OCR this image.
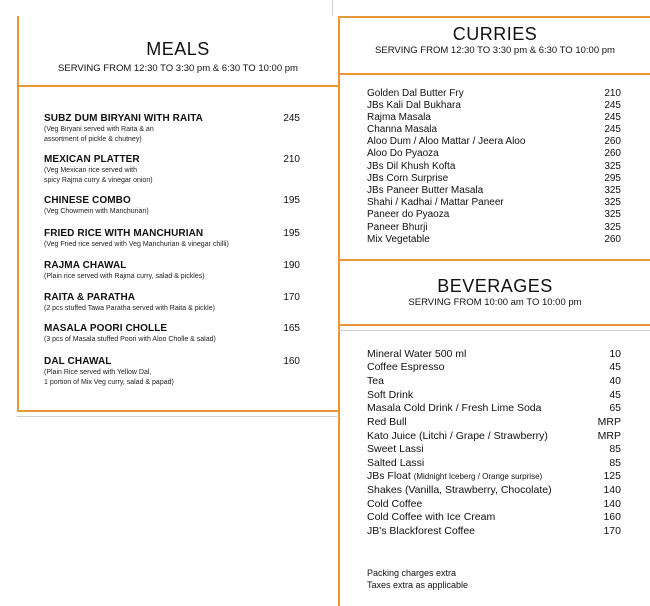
MEALS
SERVING FROM 12:30 TO 3:30 pm & 6:30 TO 10:00 pm
SUBZ DUM BIRYANI WITH RAITA
(Veg Biryani served with Raita & an
assortment of pickle & chutney)
245
MEXICAN PLATTER
(Veg Mexican rice served with
spicy Rajma curry & vinegar onion)
210
CHINESE COMBO
(Veg Chowmein with Manchurian)
195
FRIED RICE WITH MANCHURIAN
(Veg Fried rice served with Veg Manchurian & vinegar chilli)
195
RAJMA CHAWAL
(Plain rice served with Rajma curry, salad & pickles)
190
RAITA & PARATHA
(2 pcs stuffed Tawa Paratha served with Raita & pickle)
170
MASALA POORI CHOLLE
(3 pcs of Masala stuffed Poori with Aloo Cholle & salad)
165
DAL CHAWAL
(Plain Rice served with Yellow Dal,
1 portion of Mix Veg curry, salad & papad)
160
CURRIES
SERVING FROM 12:30 TO 3:30 pm & 6:30 TO 10:00 pm
Golden Dal Butter Fry	210
JBs Kali Dal Bukhara	245
Rajma Masala	245
Channa Masala	245
Aloo Dum / Aloo Mattar / Jeera Aloo	260
Aloo Do Pyaoza	260
JBs Dil Khush Kofta	325
JBs Corn Surprise	295
JBs Paneer Butter Masala	325
Shahi / Kadhai / Mattar Paneer	325
Paneer do Pyaoza	325
Paneer Bhurji	325
Mix Vegetable	260
BEVERAGES
SERVING FROM 10:00 am TO 10:00 pm
Mineral Water 500 ml	10
Coffee Espresso	45
Tea	40
Soft Drink	45
Masala Cold Drink / Fresh Lime Soda	65
Red Bull	MRP
Kato Juice (Litchi / Grape / Strawberry)	MRP
Sweet Lassi	85
Salted Lassi	85
JBs Float (Midnight Iceberg / Orange surprise)	125
Shakes (Vanilla, Strawberry, Chocolate)	140
Cold Coffee	140
Cold Coffee with Ice Cream	160
JB's Blackforest Coffee	170
Packing charges extra
Taxes extra as applicable
